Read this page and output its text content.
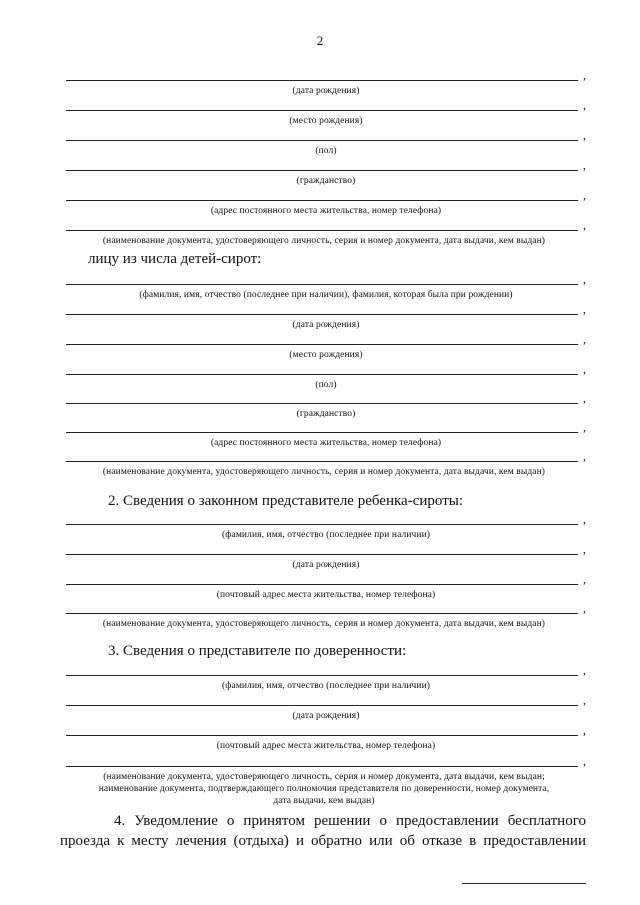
2
,
(дата рождения)
,
(место рождения)
,
(пол)
,
(гражданство)
,
(адрес постоянного места жительства, номер телефона)
,
(наименование документа, удостоверяющего личность, серия и номер документа, дата выдачи, кем выдан)
лицу из числа детей-сирот:
,
(фамилия, имя, отчество (последнее при наличии), фамилия, которая была при рождении)
,
(дата рождения)
,
(место рождения)
,
(пол)
,
(гражданство)
,
(адрес постоянного места жительства, номер телефона)
,
(наименование документа, удостоверяющего личность, серия и номер документа, дата выдачи, кем выдан)
2. Сведения о законном представителе ребенка-сироты:
,
(фамилия, имя, отчество (последнее при наличии)
,
(дата рождения)
,
(почтовый адрес места жительства, номер телефона)
,
(наименование документа, удостоверяющего личность, серия и номер документа, дата выдачи, кем выдан)
3. Сведения о представителе по доверенности:
,
(фамилия, имя, отчество (последнее при наличии)
,
(дата рождения)
,
(почтовый адрес места жительства, номер телефона)
,
(наименование документа, удостоверяющего личность, серия и номер документа, дата выдачи, кем выдан;
наименование документа, подтверждающего полномочия представителя по доверенности, номер документа,
дата выдачи, кем выдан)
4. Уведомление о принятом решении о предоставлении бесплатного
проезда к месту лечения (отдыха) и обратно или об отказе в предоставлении
